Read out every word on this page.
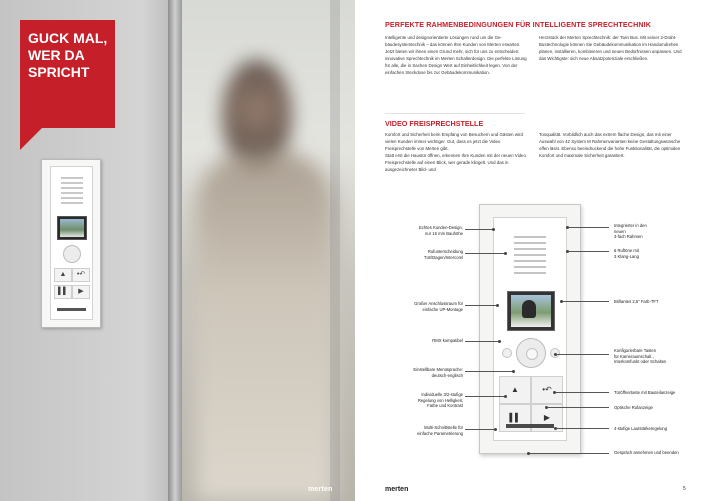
GUCK MAL,
WER DA
SPRICHT
▲	•↶
▌▌	▶
merten
PERFEKTE RAHMENBEDINGUNGEN FÜR INTELLIGENTE SPRECHTECHNIK
Intelligente und designorientierte Lösungen rund um die Ge-bäudesystemtechnik – das können Ihre Kunden von Merten erwarten. Jetzt bieten wir ihnen einen Grund mehr, sich für uns zu entscheiden: innovative Sprechtechnik im Merten Schalterdesign. Die perfekte Lösung für alle, die in Sachen Design Wert auf Einheitlichkeit legen. Von der einfachen Steckdose bis zur Gebäudekommunikation.
Herzstück der Merten Sprechtechnik: der Twin Bus. Mit seiner 2-Draht-Bustechnologie können Sie Gebäudekommunikation im Handumdrehen planen, installieren, kombinieren und neuen Bedürfnissen anpassen. Und das Wichtigste: sich neue Absatzpotenziale erschließen.
VIDEO FREISPRECHSTELLE
Komfort und Sicherheit beim Empfang von Besuchern und Gästen wird vielen Kunden immer wichtiger. Gut, dass es jetzt die Video Freisprechstelle von Merten gibt.
Statt erst die Haustür öffnen, erkennen Ihre Kunden mit der neuen Video Freisprechstelle auf einen Blick, wer gerade klingelt. Und das in ausgezeichneter Bild- und
Tonqualität. Vorbildlich auch das extrem flache Design, das mit einer Auswahl von 42 System M Rahmenvarianten keine Gestaltungswünsche offen lässt. Ebenso beeindruckend die hohe Funktionalität, die optimalen Komfort und maximale Sicherheit garantiert.
▲	•↶
▌▌	▶
Echtes Kunden-Design,
nur 16 mm Bauhöhe
Rufunterscheidung
Tür/Etagen/Intercoml
Großer Anschlussraum für
einfache UP-Montage
RMX kompatibel
Einstellbare Menüsprache:
deutsch-englisch
Individuelle 3/2-stufige
Regelung von Helligkeit,
Farbe und Kontrast
Multi-Schnittstelle für
einfache Parametrierung
Integrierter in den
neuen
3-fach Rahmen
6 Ruftöne mit
3 Klang-Lang
Brillantes 2,5" Farb-TFT
Konfigurierbare Tasten
für Kameraumschalt.,
Interkomfunkt oder Schalten
Türöffnertaste mit Bauteilanzeige
Optische Rufanzeige
4-stufige Lautstärkeregelung
Gespräch annehmen und beenden
merten	5
